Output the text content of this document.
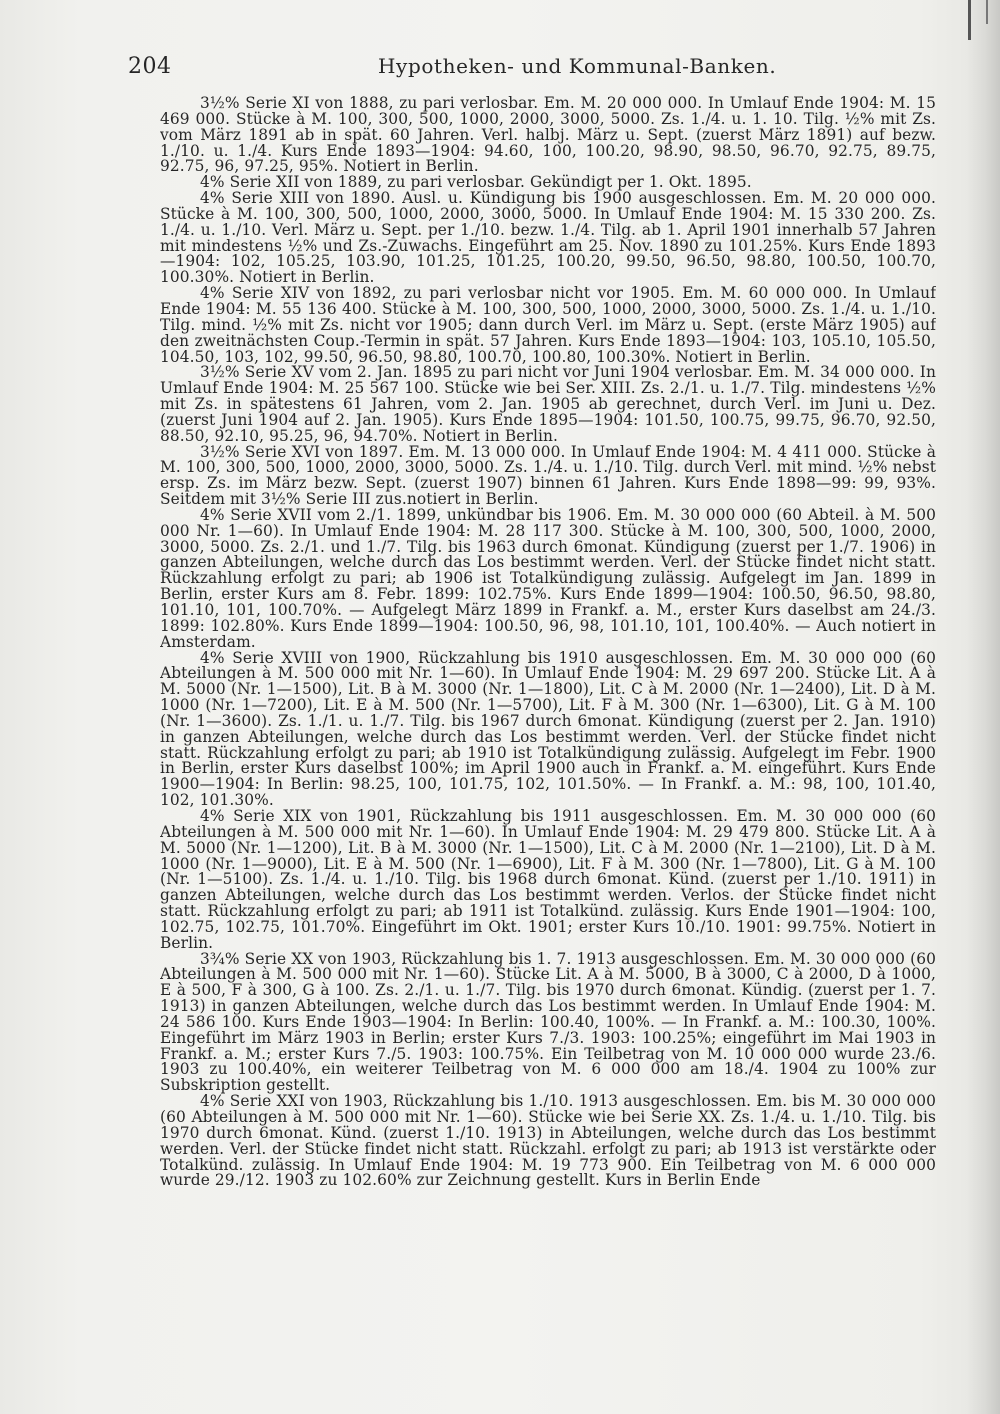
204	Hypotheken- und Kommunal-Banken.

3½% Serie XI von 1888, zu pari verlosbar. Em. M. 20 000 000. In Umlauf Ende 1904: M. 15 469 000. Stücke à M. 100, 300, 500, 1000, 2000, 3000, 5000. Zs. 1./4. u. 1. 10. Tilg. ½% mit Zs. vom März 1891 ab in spät. 60 Jahren. Verl. halbj. März u. Sept. (zuerst März 1891) auf bezw. 1./10. u. 1./4. Kurs Ende 1893—1904: 94.60, 100, 100.20, 98.90, 98.50, 96.70, 92.75, 89.75, 92.75, 96, 97.25, 95%. Notiert in Berlin.

4% Serie XII von 1889, zu pari verlosbar. Gekündigt per 1. Okt. 1895.

4% Serie XIII von 1890. Ausl. u. Kündigung bis 1900 ausgeschlossen. Em. M. 20 000 000. Stücke à M. 100, 300, 500, 1000, 2000, 3000, 5000. In Umlauf Ende 1904: M. 15 330 200. Zs. 1./4. u. 1./10. Verl. März u. Sept. per 1./10. bezw. 1./4. Tilg. ab 1. April 1901 innerhalb 57 Jahren mit mindestens ½% und Zs.-Zuwachs. Eingeführt am 25. Nov. 1890 zu 101.25%. Kurs Ende 1893—1904: 102, 105.25, 103.90, 101.25, 101.25, 100.20, 99.50, 96.50, 98.80, 100.50, 100.70, 100.30%. Notiert in Berlin.

4% Serie XIV von 1892, zu pari verlosbar nicht vor 1905. Em. M. 60 000 000. In Umlauf Ende 1904: M. 55 136 400. Stücke à M. 100, 300, 500, 1000, 2000, 3000, 5000. Zs. 1./4. u. 1./10. Tilg. mind. ½% mit Zs. nicht vor 1905; dann durch Verl. im März u. Sept. (erste März 1905) auf den zweitnächsten Coup.-Termin in spät. 57 Jahren. Kurs Ende 1893—1904: 103, 105.10, 105.50, 104.50, 103, 102, 99.50, 96.50, 98.80, 100.70, 100.80, 100.30%. Notiert in Berlin.

3½% Serie XV vom 2. Jan. 1895 zu pari nicht vor Juni 1904 verlosbar. Em. M. 34 000 000. In Umlauf Ende 1904: M. 25 567 100. Stücke wie bei Ser. XIII. Zs. 2./1. u. 1./7. Tilg. mindestens ½% mit Zs. in spätestens 61 Jahren, vom 2. Jan. 1905 ab gerechnet, durch Verl. im Juni u. Dez. (zuerst Juni 1904 auf 2. Jan. 1905). Kurs Ende 1895—1904: 101.50, 100.75, 99.75, 96.70, 92.50, 88.50, 92.10, 95.25, 96, 94.70%. Notiert in Berlin.

3½% Serie XVI von 1897. Em. M. 13 000 000. In Umlauf Ende 1904: M. 4 411 000. Stücke à M. 100, 300, 500, 1000, 2000, 3000, 5000. Zs. 1./4. u. 1./10. Tilg. durch Verl. mit mind. ½% nebst ersp. Zs. im März bezw. Sept. (zuerst 1907) binnen 61 Jahren. Kurs Ende 1898—99: 99, 93%. Seitdem mit 3½% Serie III zus.notiert in Berlin.

4% Serie XVII vom 2./1. 1899, unkündbar bis 1906. Em. M. 30 000 000 (60 Abteil. à M. 500 000 Nr. 1—60). In Umlauf Ende 1904: M. 28 117 300. Stücke à M. 100, 300, 500, 1000, 2000, 3000, 5000. Zs. 2./1. und 1./7. Tilg. bis 1963 durch 6monat. Kündigung (zuerst per 1./7. 1906) in ganzen Abteilungen, welche durch das Los bestimmt werden. Verl. der Stücke findet nicht statt. Rückzahlung erfolgt zu pari; ab 1906 ist Totalkündigung zulässig. Aufgelegt im Jan. 1899 in Berlin, erster Kurs am 8. Febr. 1899: 102.75%. Kurs Ende 1899—1904: 100.50, 96.50, 98.80, 101.10, 101, 100.70%. — Aufgelegt März 1899 in Frankf. a. M., erster Kurs daselbst am 24./3. 1899: 102.80%. Kurs Ende 1899—1904: 100.50, 96, 98, 101.10, 101, 100.40%. — Auch notiert in Amsterdam.

4% Serie XVIII von 1900, Rückzahlung bis 1910 ausgeschlossen. Em. M. 30 000 000 (60 Abteilungen à M. 500 000 mit Nr. 1—60). In Umlauf Ende 1904: M. 29 697 200. Stücke Lit. A à M. 5000 (Nr. 1—1500), Lit. B à M. 3000 (Nr. 1—1800), Lit. C à M. 2000 (Nr. 1—2400), Lit. D à M. 1000 (Nr. 1—7200), Lit. E à M. 500 (Nr. 1—5700), Lit. F à M. 300 (Nr. 1—6300), Lit. G à M. 100 (Nr. 1—3600). Zs. 1./1. u. 1./7. Tilg. bis 1967 durch 6monat. Kündigung (zuerst per 2. Jan. 1910) in ganzen Abteilungen, welche durch das Los bestimmt werden. Verl. der Stücke findet nicht statt. Rückzahlung erfolgt zu pari; ab 1910 ist Totalkündigung zulässig. Aufgelegt im Febr. 1900 in Berlin, erster Kurs daselbst 100%; im April 1900 auch in Frankf. a. M. eingeführt. Kurs Ende 1900—1904: In Berlin: 98.25, 100, 101.75, 102, 101.50%. — In Frankf. a. M.: 98, 100, 101.40, 102, 101.30%.

4% Serie XIX von 1901, Rückzahlung bis 1911 ausgeschlossen. Em. M. 30 000 000 (60 Abteilungen à M. 500 000 mit Nr. 1—60). In Umlauf Ende 1904: M. 29 479 800. Stücke Lit. A à M. 5000 (Nr. 1—1200), Lit. B à M. 3000 (Nr. 1—1500), Lit. C à M. 2000 (Nr. 1—2100), Lit. D à M. 1000 (Nr. 1—9000), Lit. E à M. 500 (Nr. 1—6900), Lit. F à M. 300 (Nr. 1—7800), Lit. G à M. 100 (Nr. 1—5100). Zs. 1./4. u. 1./10. Tilg. bis 1968 durch 6monat. Künd. (zuerst per 1./10. 1911) in ganzen Abteilungen, welche durch das Los bestimmt werden. Verlos. der Stücke findet nicht statt. Rückzahlung erfolgt zu pari; ab 1911 ist Totalkünd. zulässig. Kurs Ende 1901—1904: 100, 102.75, 102.75, 101.70%. Eingeführt im Okt. 1901; erster Kurs 10./10. 1901: 99.75%. Notiert in Berlin.

3¾% Serie XX von 1903, Rückzahlung bis 1. 7. 1913 ausgeschlossen. Em. M. 30 000 000 (60 Abteilungen à M. 500 000 mit Nr. 1—60). Stücke Lit. A à M. 5000, B à 3000, C à 2000, D à 1000, E à 500, F à 300, G à 100. Zs. 2./1. u. 1./7. Tilg. bis 1970 durch 6monat. Kündig. (zuerst per 1. 7. 1913) in ganzen Abteilungen, welche durch das Los bestimmt werden. In Umlauf Ende 1904: M. 24 586 100. Kurs Ende 1903—1904: In Berlin: 100.40, 100%. — In Frankf. a. M.: 100.30, 100%. Eingeführt im März 1903 in Berlin; erster Kurs 7./3. 1903: 100.25%; eingeführt im Mai 1903 in Frankf. a. M.; erster Kurs 7./5. 1903: 100.75%. Ein Teilbetrag von M. 10 000 000 wurde 23./6. 1903 zu 100.40%, ein weiterer Teilbetrag von M. 6 000 000 am 18./4. 1904 zu 100% zur Subskription gestellt.

4% Serie XXI von 1903, Rückzahlung bis 1./10. 1913 ausgeschlossen. Em. bis M. 30 000 000 (60 Abteilungen à M. 500 000 mit Nr. 1—60). Stücke wie bei Serie XX. Zs. 1./4. u. 1./10. Tilg. bis 1970 durch 6monat. Künd. (zuerst 1./10. 1913) in Abteilungen, welche durch das Los bestimmt werden. Verl. der Stücke findet nicht statt. Rückzahl. erfolgt zu pari; ab 1913 ist verstärkte oder Totalkünd. zulässig. In Umlauf Ende 1904: M. 19 773 900. Ein Teilbetrag von M. 6 000 000 wurde 29./12. 1903 zu 102.60% zur Zeichnung gestellt. Kurs in Berlin Ende
